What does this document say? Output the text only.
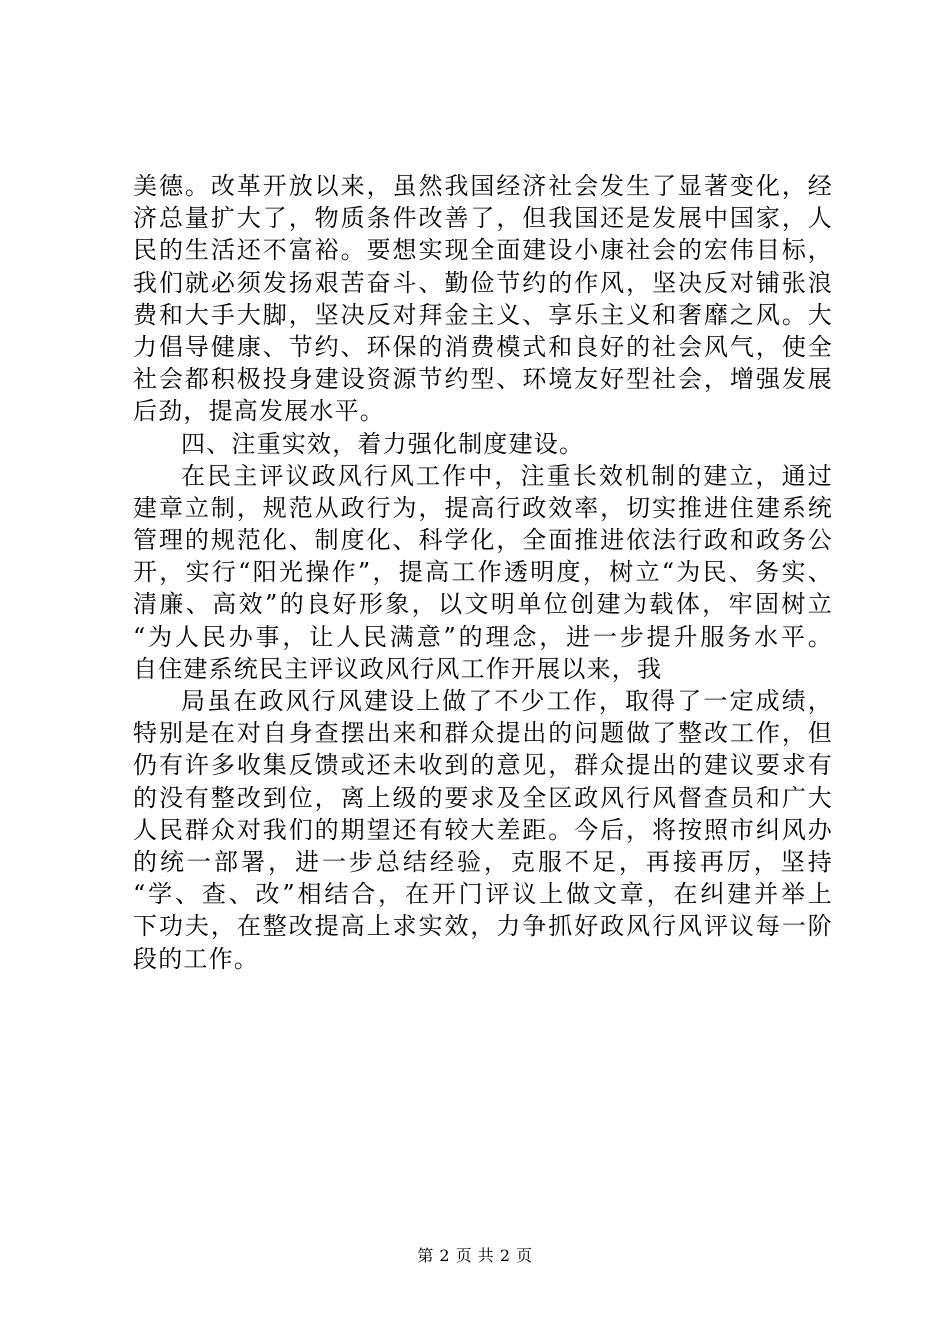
美德。改革开放以来，虽然我国经济社会发生了显著变化，经
济总量扩大了，物质条件改善了，但我国还是发展中国家，人
民的生活还不富裕。要想实现全面建设小康社会的宏伟目标，
我们就必须发扬艰苦奋斗、勤俭节约的作风，坚决反对铺张浪
费和大手大脚，坚决反对拜金主义、享乐主义和奢靡之风。大
力倡导健康、节约、环保的消费模式和良好的社会风气，使全
社会都积极投身建设资源节约型、环境友好型社会，增强发展
后劲，提高发展水平。
四、注重实效，着力强化制度建设。
在民主评议政风行风工作中，注重长效机制的建立，通过
建章立制，规范从政行为，提高行政效率，切实推进住建系统
管理的规范化、制度化、科学化，全面推进依法行政和政务公
开，实行“阳光操作”，提高工作透明度，树立“为民、务实、
清廉、高效”的良好形象，以文明单位创建为载体，牢固树立
“为人民办事，让人民满意”的理念，进一步提升服务水平。
自住建系统民主评议政风行风工作开展以来，我
局虽在政风行风建设上做了不少工作，取得了一定成绩，
特别是在对自身查摆出来和群众提出的问题做了整改工作，但
仍有许多收集反馈或还未收到的意见，群众提出的建议要求有
的没有整改到位，离上级的要求及全区政风行风督查员和广大
人民群众对我们的期望还有较大差距。今后，将按照市纠风办
的统一部署，进一步总结经验，克服不足，再接再厉，坚持
“学、查、改”相结合，在开门评议上做文章，在纠建并举上
下功夫，在整改提高上求实效，力争抓好政风行风评议每一阶
段的工作。
第 2 页 共 2 页
